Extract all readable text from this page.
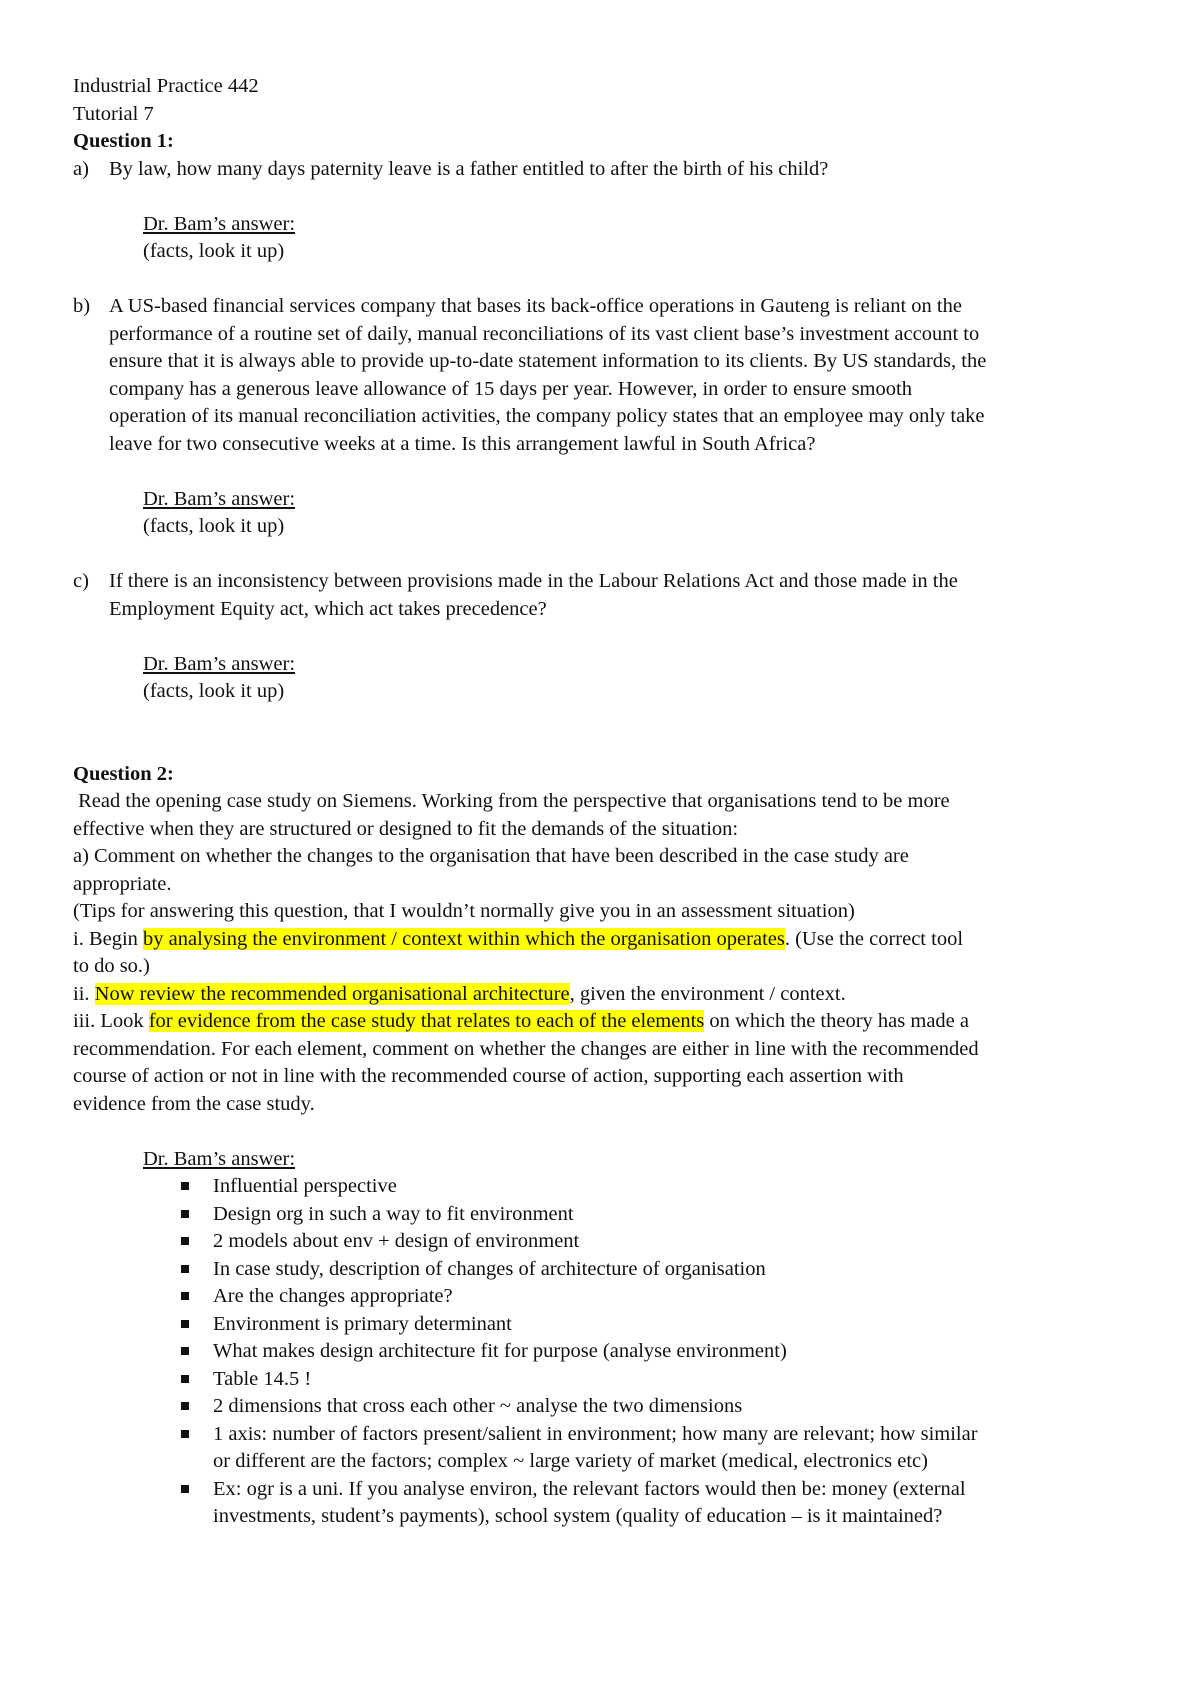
Industrial Practice 442
Tutorial 7
Question 1:
a) By law, how many days paternity leave is a father entitled to after the birth of his child?
Dr. Bam’s answer:
(facts, look it up)
b) A US-based financial services company that bases its back-office operations in Gauteng is reliant on the
performance of a routine set of daily, manual reconciliations of its vast client base’s investment account to
ensure that it is always able to provide up-to-date statement information to its clients. By US standards, the
company has a generous leave allowance of 15 days per year. However, in order to ensure smooth
operation of its manual reconciliation activities, the company policy states that an employee may only take
leave for two consecutive weeks at a time. Is this arrangement lawful in South Africa?
Dr. Bam’s answer:
(facts, look it up)
c) If there is an inconsistency between provisions made in the Labour Relations Act and those made in the
Employment Equity act, which act takes precedence?
Dr. Bam’s answer:
(facts, look it up)
Question 2:
Read the opening case study on Siemens. Working from the perspective that organisations tend to be more
effective when they are structured or designed to fit the demands of the situation:
a) Comment on whether the changes to the organisation that have been described in the case study are
appropriate.
(Tips for answering this question, that I wouldn’t normally give you in an assessment situation)
i. Begin by analysing the environment / context within which the organisation operates. (Use the correct tool
to do so.)
ii. Now review the recommended organisational architecture, given the environment / context.
iii. Look for evidence from the case study that relates to each of the elements on which the theory has made a
recommendation. For each element, comment on whether the changes are either in line with the recommended
course of action or not in line with the recommended course of action, supporting each assertion with
evidence from the case study.
Dr. Bam’s answer:
Influential perspective
Design org in such a way to fit environment
2 models about env + design of environment
In case study, description of changes of architecture of organisation
Are the changes appropriate?
Environment is primary determinant
What makes design architecture fit for purpose (analyse environment)
Table 14.5 !
2 dimensions that cross each other ~ analyse the two dimensions
1 axis: number of factors present/salient in environment; how many are relevant; how similar
or different are the factors; complex ~ large variety of market (medical, electronics etc)
Ex: ogr is a uni. If you analyse environ, the relevant factors would then be: money (external
investments, student’s payments), school system (quality of education – is it maintained?
